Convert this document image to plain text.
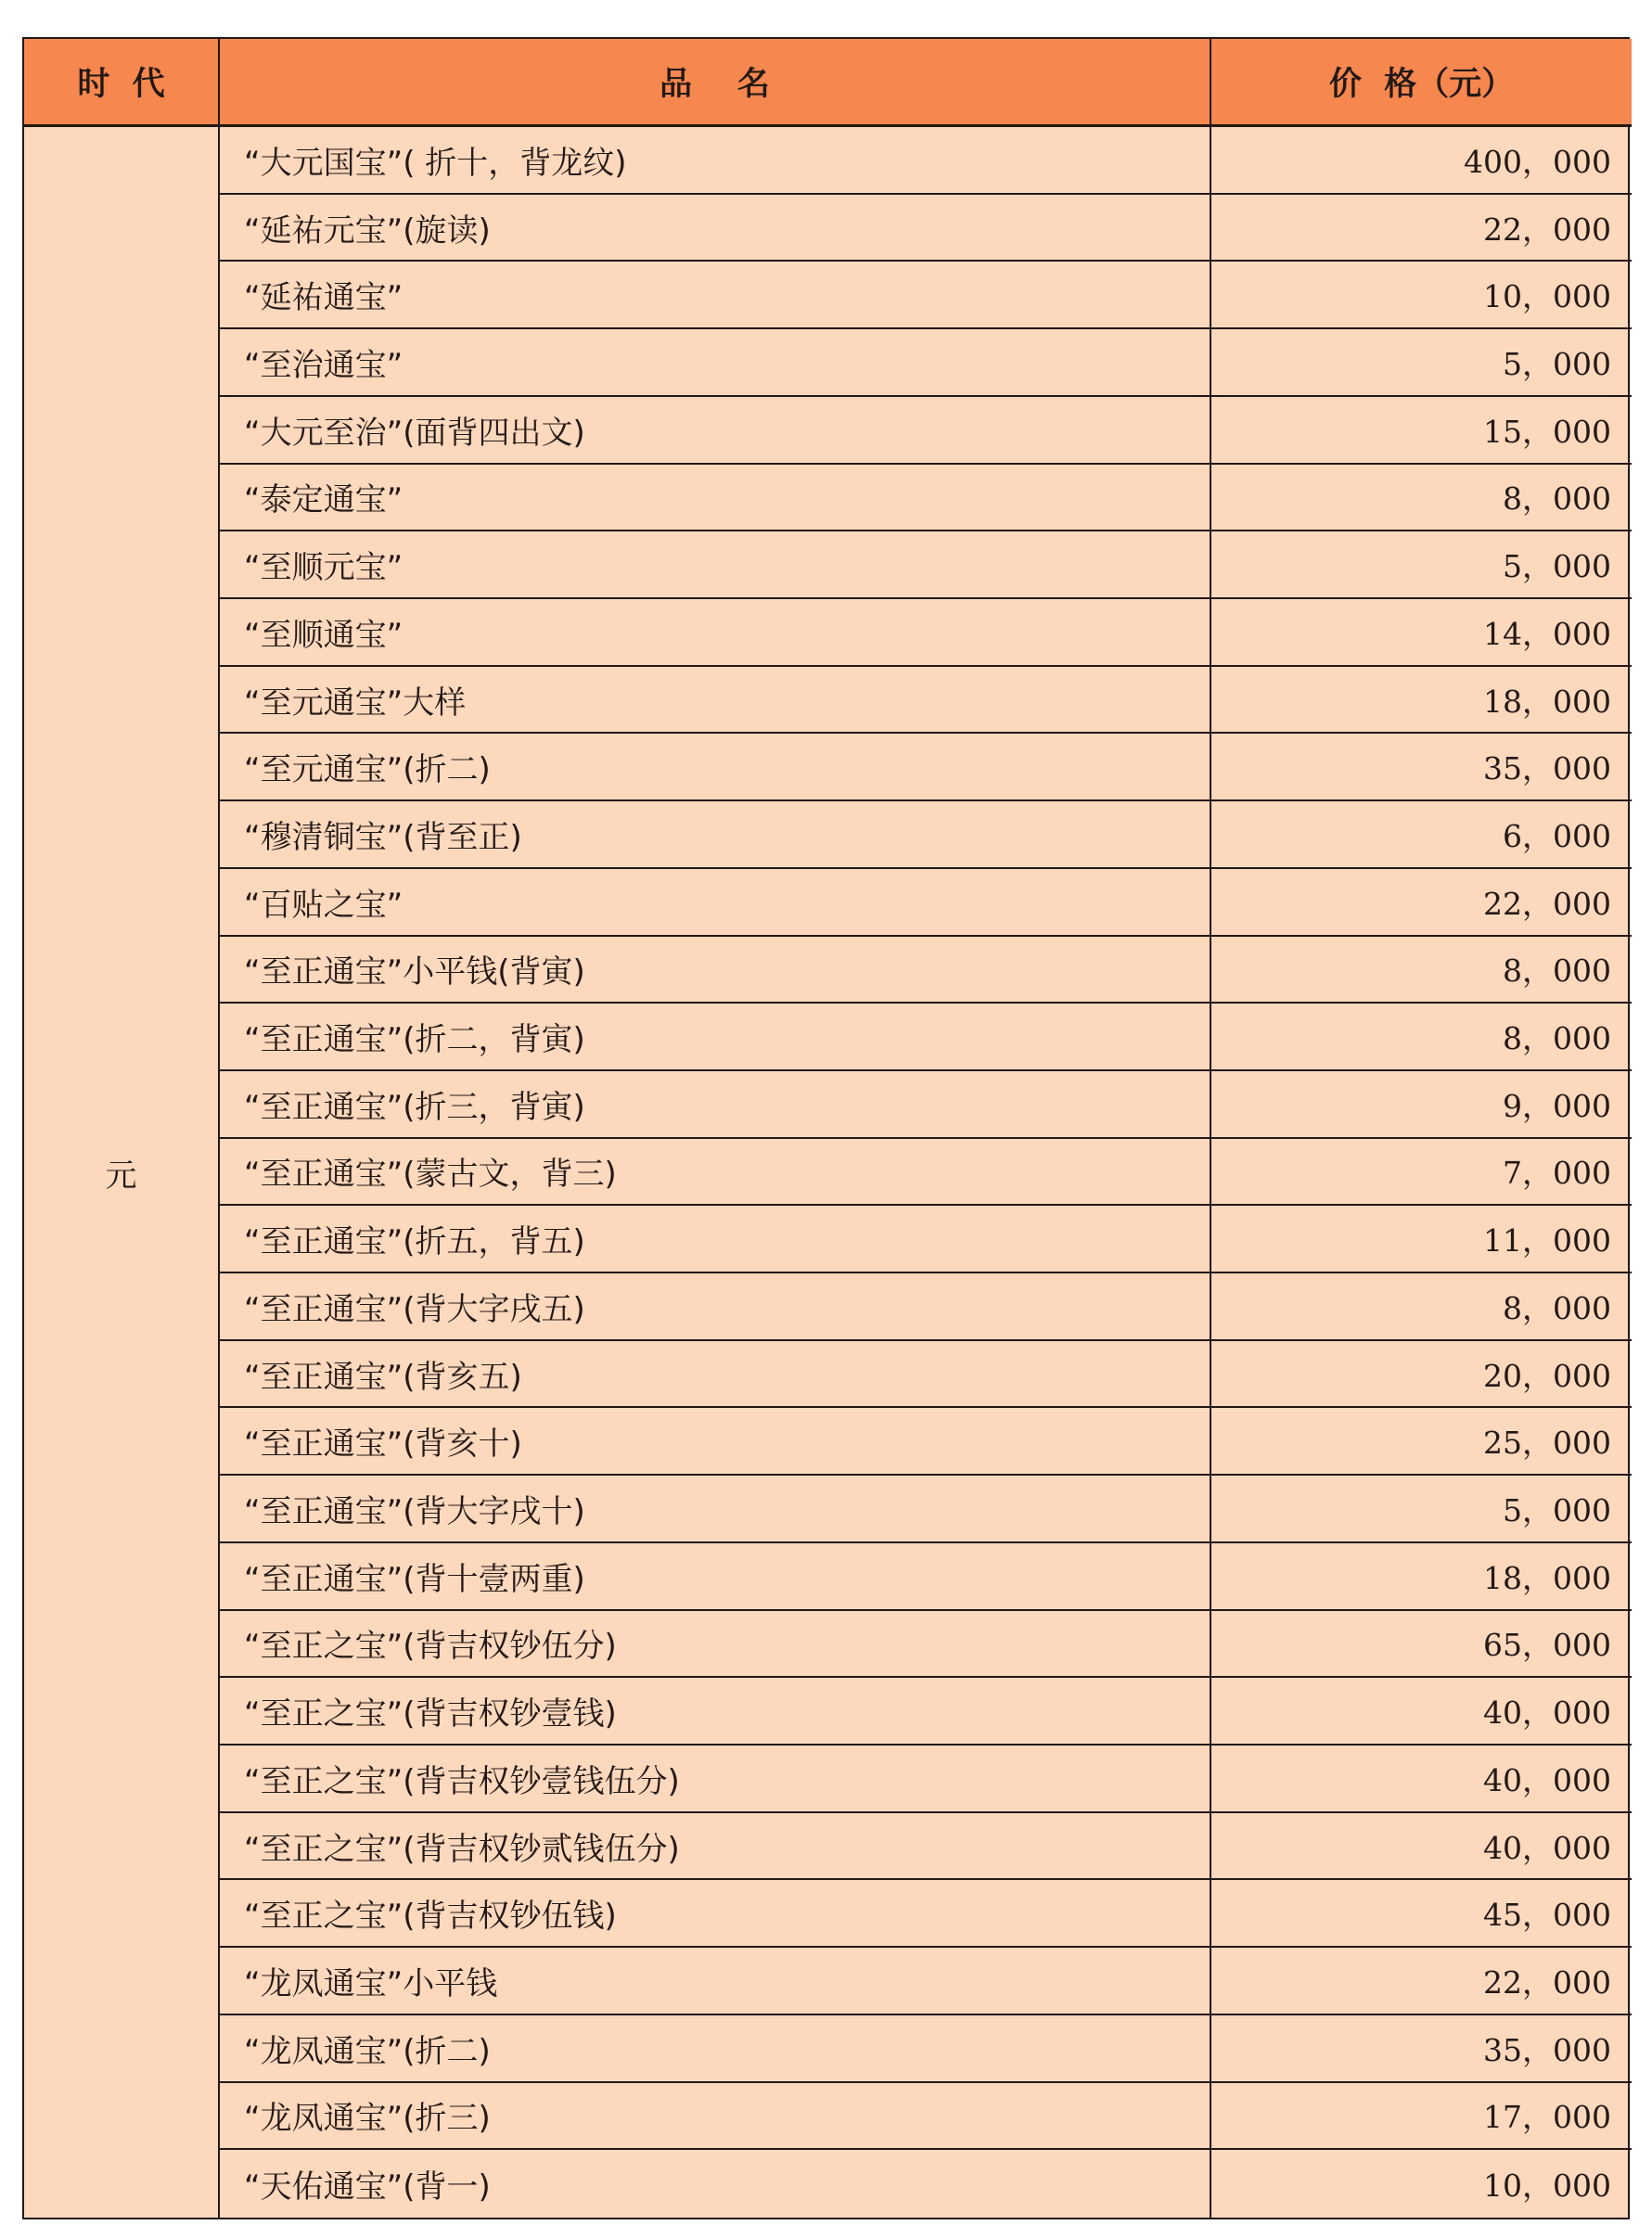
时  代	品    名	价  格（元）
元
“大元国宝”( 折十，背龙纹)	400，000
“延祐元宝”(旋读)	22，000
“延祐通宝”	10，000
“至治通宝”	5，000
“大元至治”(面背四出文)	15，000
“泰定通宝”	8，000
“至顺元宝”	5，000
“至顺通宝”	14，000
“至元通宝”大样	18，000
“至元通宝”(折二)	35，000
“穆清铜宝”(背至正)	6，000
“百贴之宝”	22，000
“至正通宝”小平钱(背寅)	8，000
“至正通宝”(折二，背寅)	8，000
“至正通宝”(折三，背寅)	9，000
“至正通宝”(蒙古文，背三)	7，000
“至正通宝”(折五，背五)	11，000
“至正通宝”(背大字戌五)	8，000
“至正通宝”(背亥五)	20，000
“至正通宝”(背亥十)	25，000
“至正通宝”(背大字戌十)	5，000
“至正通宝”(背十壹两重)	18，000
“至正之宝”(背吉权钞伍分)	65，000
“至正之宝”(背吉权钞壹钱)	40，000
“至正之宝”(背吉权钞壹钱伍分)	40，000
“至正之宝”(背吉权钞贰钱伍分)	40，000
“至正之宝”(背吉权钞伍钱)	45，000
“龙凤通宝”小平钱	22，000
“龙凤通宝”(折二)	35，000
“龙凤通宝”(折三)	17，000
“天佑通宝”(背一)	10，000
